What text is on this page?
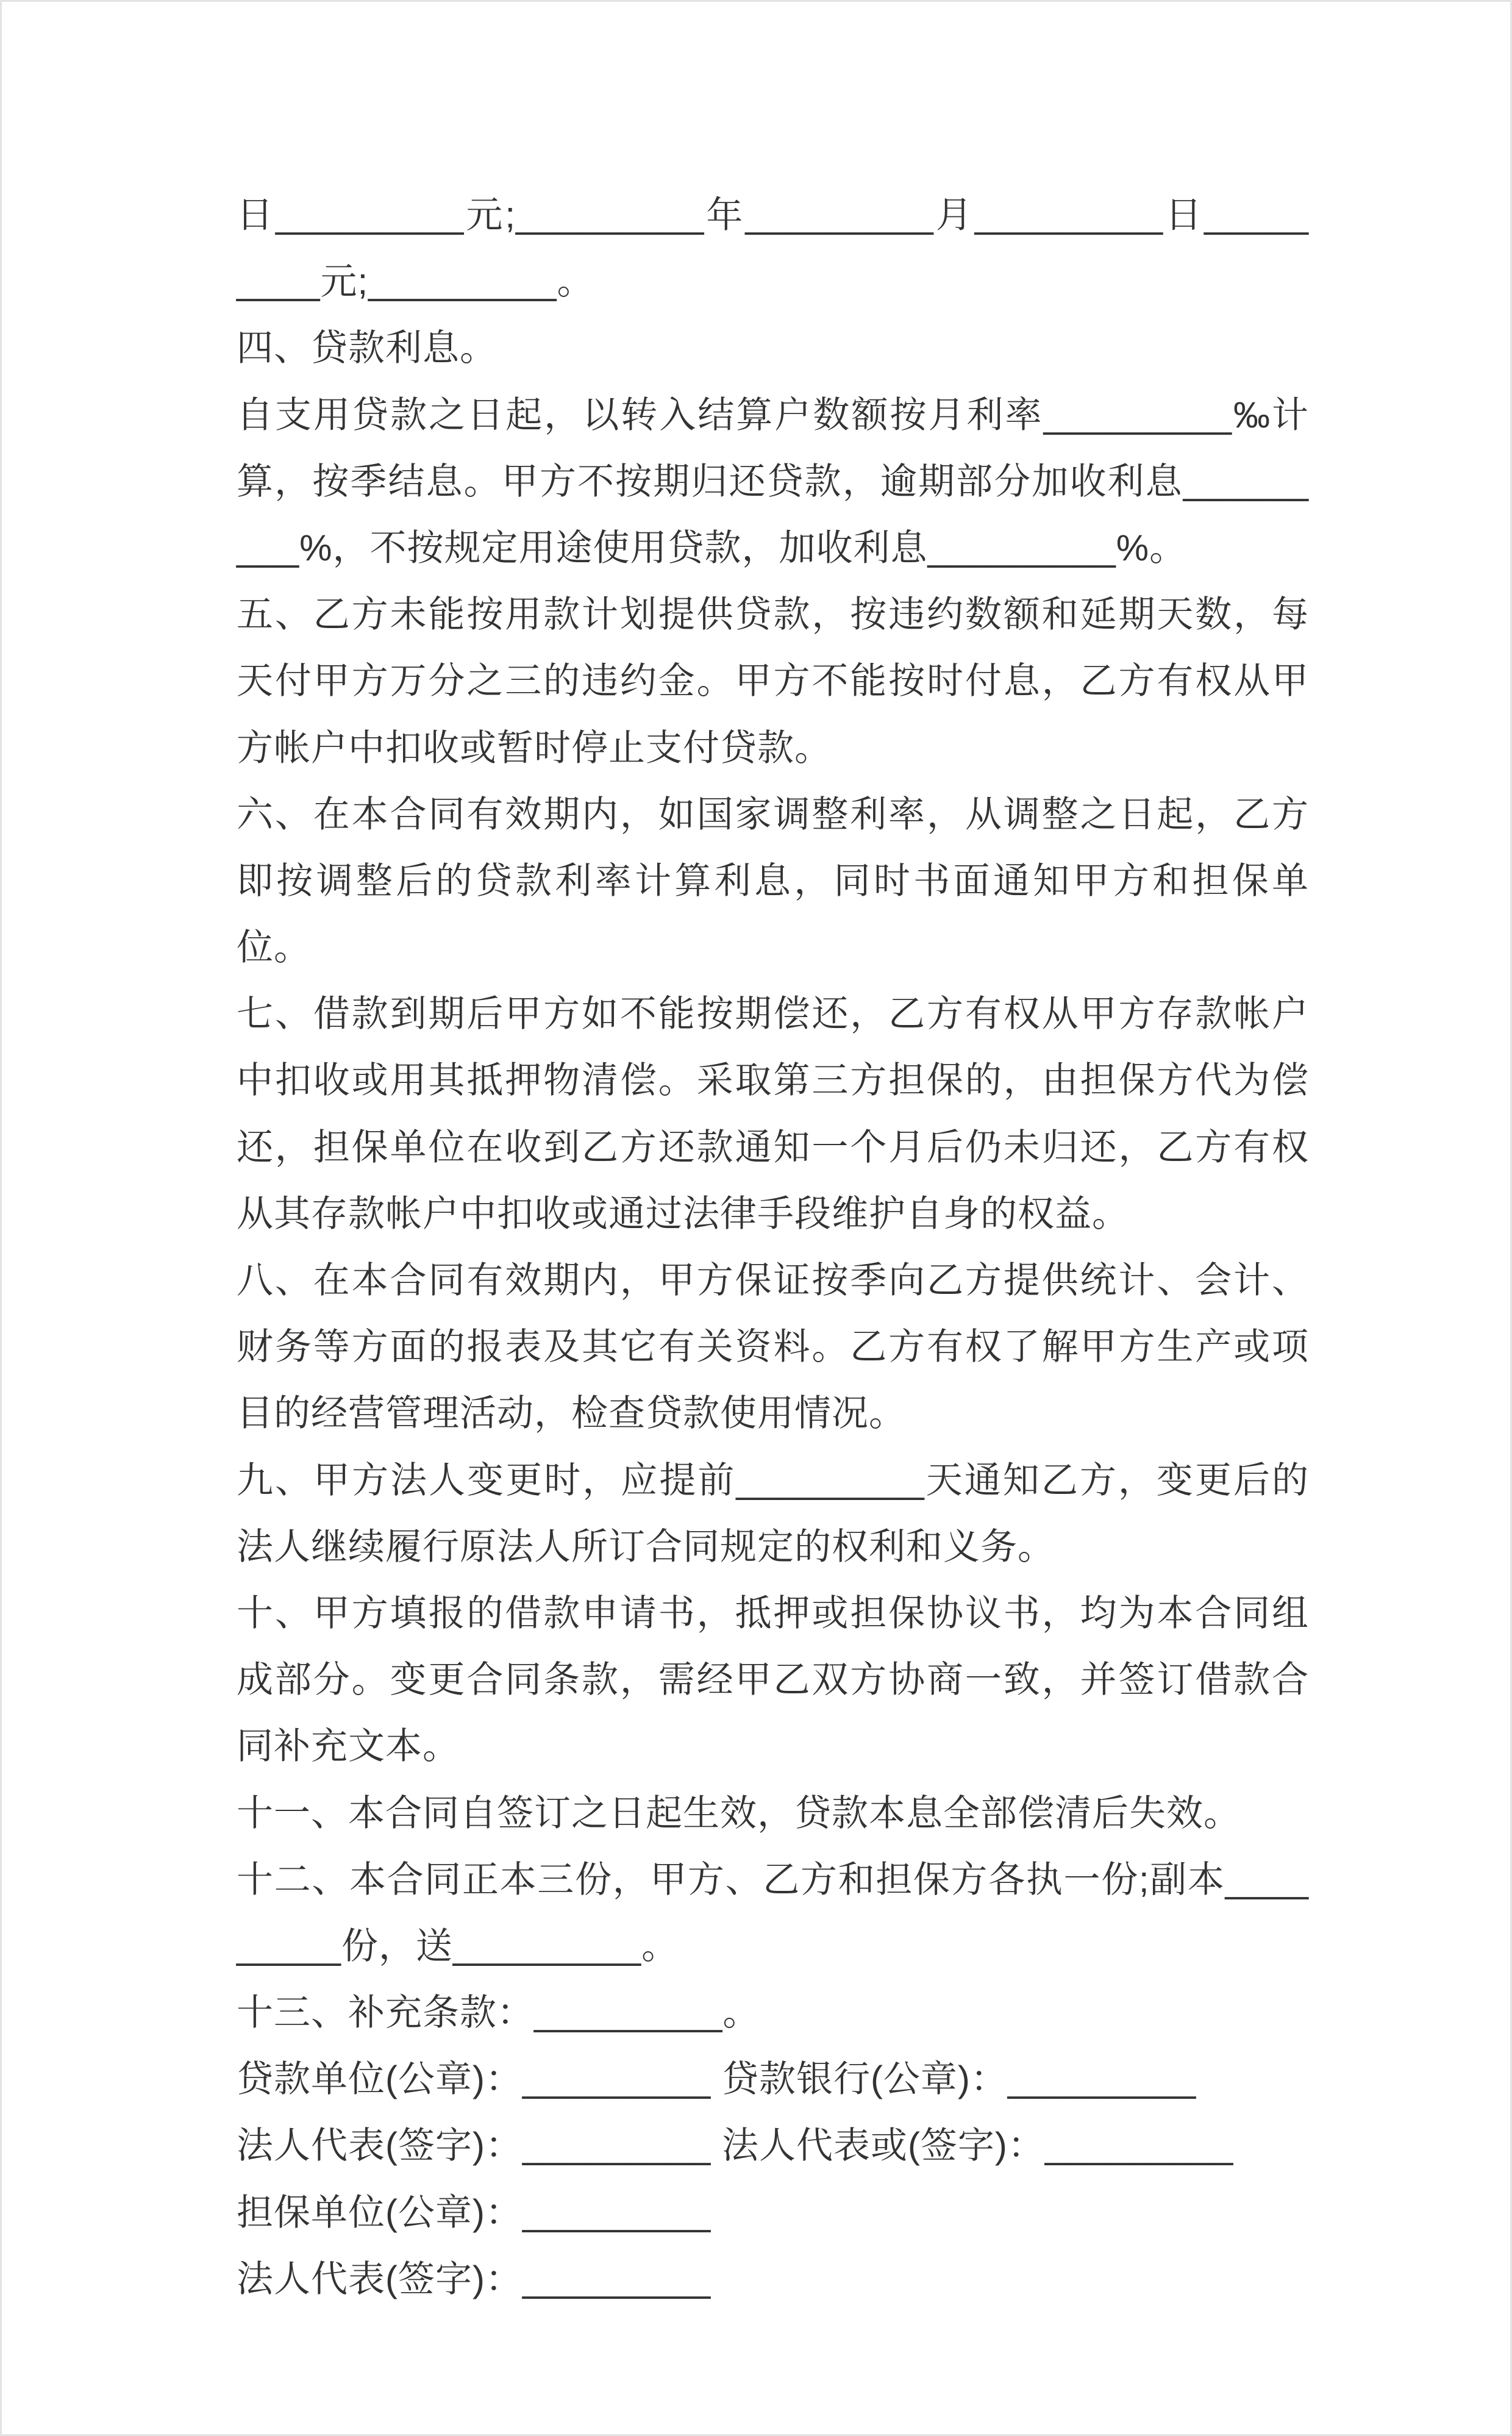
日_________元;_________年_________月_________日_________元;_________。

四、贷款利息。

自支用贷款之日起，以转入结算户数额按月利率_________‰计算，按季结息。甲方不按期归还贷款，逾期部分加收利息_________%，不按规定用途使用贷款，加收利息_________%。

五、乙方未能按用款计划提供贷款，按违约数额和延期天数，每天付甲方万分之三的违约金。甲方不能按时付息，乙方有权从甲方帐户中扣收或暂时停止支付贷款。

六、在本合同有效期内，如国家调整利率，从调整之日起，乙方即按调整后的贷款利率计算利息，同时书面通知甲方和担保单位。

七、借款到期后甲方如不能按期偿还，乙方有权从甲方存款帐户中扣收或用其抵押物清偿。采取第三方担保的，由担保方代为偿还，担保单位在收到乙方还款通知一个月后仍未归还，乙方有权从其存款帐户中扣收或通过法律手段维护自身的权益。

八、在本合同有效期内，甲方保证按季向乙方提供统计、会计、财务等方面的报表及其它有关资料。乙方有权了解甲方生产或项目的经营管理活动，检查贷款使用情况。

九、甲方法人变更时，应提前_________天通知乙方，变更后的法人继续履行原法人所订合同规定的权利和义务。

十、甲方填报的借款申请书，抵押或担保协议书，均为本合同组成部分。变更合同条款，需经甲乙双方协商一致，并签订借款合同补充文本。

十一、本合同自签订之日起生效，贷款本息全部偿清后失效。

十二、本合同正本三份，甲方、乙方和担保方各执一份;副本_________份，送_________。

十三、补充条款：_________。

贷款单位(公章)：_________ 贷款银行(公章)：_________

法人代表(签字)：_________ 法人代表或(签字)：_________

担保单位(公章)：_________

法人代表(签字)：_________
